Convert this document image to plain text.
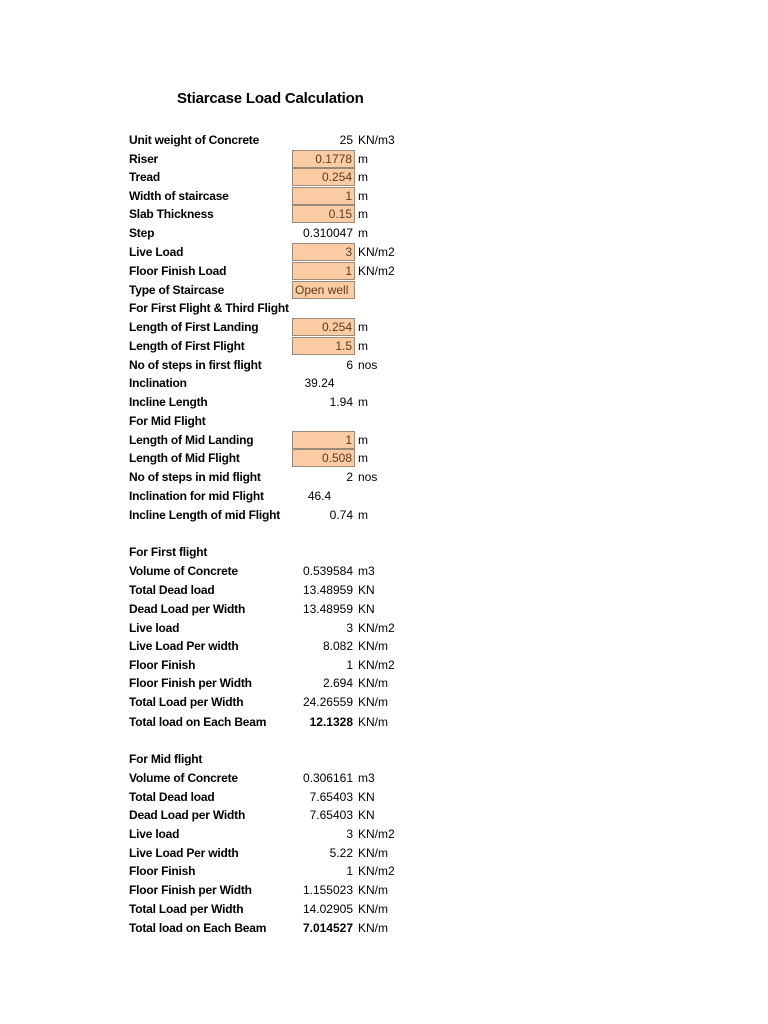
Stiarcase Load Calculation
Unit weight of Concrete	25 KN/m3
Riser	0.1778 m
Tread	0.254 m
Width of staircase	1 m
Slab Thickness	0.15 m
Step	0.310047 m
Live Load	3 KN/m2
Floor Finish Load	1 KN/m2
Type of Staircase	Open well
For First Flight & Third Flight
Length of First Landing	0.254 m
Length of First Flight	1.5 m
No of steps in first flight	6 nos
Inclination	39.24
Incline Length	1.94 m
For Mid Flight
Length of Mid Landing	1 m
Length of Mid Flight	0.508 m
No of steps in mid flight	2 nos
Inclination for mid Flight	46.4
Incline Length of mid Flight	0.74 m
For First flight
Volume of Concrete	0.539584 m3
Total Dead load	13.48959 KN
Dead Load per Width	13.48959 KN
Live load	3 KN/m2
Live Load Per width	8.082 KN/m
Floor Finish	1 KN/m2
Floor Finish per Width	2.694 KN/m
Total Load per Width	24.26559 KN/m
Total load on Each Beam	12.1328 KN/m
For Mid flight
Volume of Concrete	0.306161 m3
Total Dead load	7.65403 KN
Dead Load per Width	7.65403 KN
Live load	3 KN/m2
Live Load Per width	5.22 KN/m
Floor Finish	1 KN/m2
Floor Finish per Width	1.155023 KN/m
Total Load per Width	14.02905 KN/m
Total load on Each Beam	7.014527 KN/m
